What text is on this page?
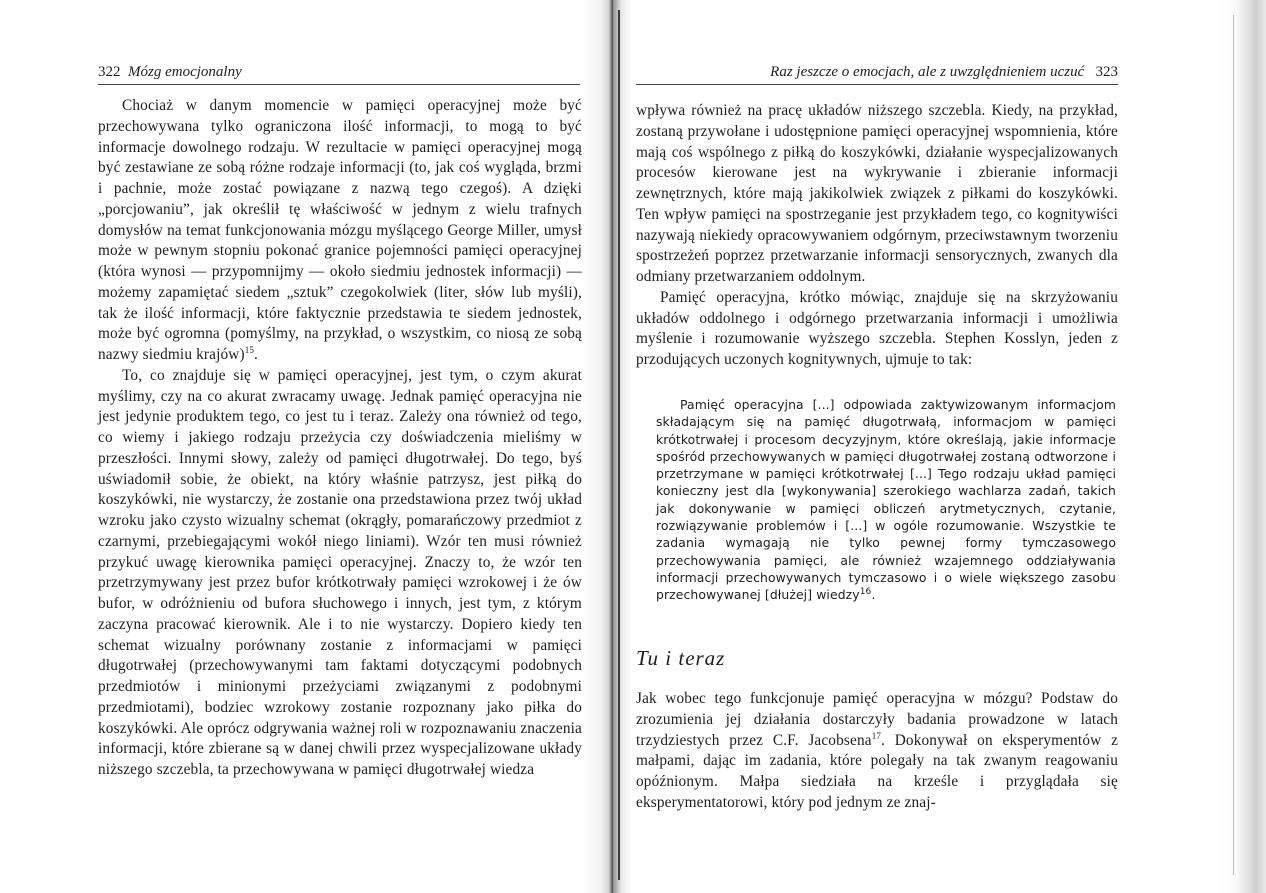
322 Mózg emocjonalny

Chociaż w danym momencie w pamięci operacyjnej może być przechowywana tylko ograniczona ilość informacji, to mogą to być informacje dowolnego rodzaju. W rezultacie w pamięci operacyjnej mogą być zestawiane ze sobą różne rodzaje informacji (to, jak coś wygląda, brzmi i pachnie, może zostać powiązane z nazwą tego czegoś). A dzięki „porcjowaniu”, jak określił tę właściwość w jednym z wielu trafnych domysłów na temat funkcjonowania mózgu myślącego George Miller, umysł może w pewnym stopniu pokonać granice pojemności pamięci operacyjnej (która wynosi — przypomnijmy — około siedmiu jednostek informacji) — możemy zapamiętać siedem „sztuk” czegokolwiek (liter, słów lub myśli), tak że ilość informacji, które faktycznie przedstawia te siedem jednostek, może być ogromna (pomyślmy, na przykład, o wszystkim, co niosą ze sobą nazwy siedmiu krajów)$^{15}$.

To, co znajduje się w pamięci operacyjnej, jest tym, o czym akurat myślimy, czy na co akurat zwracamy uwagę. Jednak pamięć operacyjna nie jest jedynie produktem tego, co jest tu i teraz. Zależy ona również od tego, co wiemy i jakiego rodzaju przeżycia czy doświadczenia mieliśmy w przeszłości. Innymi słowy, zależy od pamięci długotrwałej. Do tego, byś uświadomił sobie, że obiekt, na który właśnie patrzysz, jest piłką do koszykówki, nie wystarczy, że zostanie ona przedstawiona przez twój układ wzroku jako czysto wizualny schemat (okrągły, pomarańczowy przedmiot z czarnymi, przebiegającymi wokół niego liniami). Wzór ten musi również przykuć uwagę kierownika pamięci operacyjnej. Znaczy to, że wzór ten przetrzymywany jest przez bufor krótkotrwały pamięci wzrokowej i że ów bufor, w odróżnieniu od bufora słuchowego i innych, jest tym, z którym zaczyna pracować kierownik. Ale i to nie wystarczy. Dopiero kiedy ten schemat wizualny porównany zostanie z informacjami w pamięci długotrwałej (przechowywanymi tam faktami dotyczącymi podobnych przedmiotów i minionymi przeżyciami związanymi z podobnymi przedmiotami), bodziec wzrokowy zostanie rozpoznany jako piłka do koszykówki. Ale oprócz odgrywania ważnej roli w rozpoznawaniu znaczenia informacji, które zbierane są w danej chwili przez wyspecjalizowane układy niższego szczebla, ta przechowywana w pamięci długotrwałej wiedza

Raz jeszcze o emocjach, ale z uwzględnieniem uczuć 323

wpływa również na pracę układów niższego szczebla. Kiedy, na przykład, zostaną przywołane i udostępnione pamięci operacyjnej wspomnienia, które mają coś wspólnego z piłką do koszykówki, działanie wyspecjalizowanych procesów kierowane jest na wykrywanie i zbieranie informacji zewnętrznych, które mają jakikolwiek związek z piłkami do koszykówki. Ten wpływ pamięci na spostrzeganie jest przykładem tego, co kognitywiści nazywają niekiedy opracowywaniem odgórnym, przeciwstawnym tworzeniu spostrzeżeń poprzez przetwarzanie informacji sensorycznych, zwanych dla odmiany przetwarzaniem oddolnym.

Pamięć operacyjna, krótko mówiąc, znajduje się na skrzyżowaniu układów oddolnego i odgórnego przetwarzania informacji i umożliwia myślenie i rozumowanie wyższego szczebla. Stephen Kosslyn, jeden z przodujących uczonych kognitywnych, ujmuje to tak:

Pamięć operacyjna [...] odpowiada zaktywizowanym informacjom składającym się na pamięć długotrwałą, informacjom w pamięci krótkotrwałej i procesom decyzyjnym, które określają, jakie informacje spośród przechowywanych w pamięci długotrwałej zostaną odtworzone i przetrzymane w pamięci krótkotrwałej [...] Tego rodzaju układ pamięci konieczny jest dla [wykonywania] szerokiego wachlarza zadań, takich jak dokonywanie w pamięci obliczeń arytmetycznych, czytanie, rozwiązywanie problemów i [...] w ogóle rozumowanie. Wszystkie te zadania wymagają nie tylko pewnej formy tymczasowego przechowywania pamięci, ale również wzajemnego oddziaływania informacji przechowywanych tymczasowo i o wiele większego zasobu przechowywanej [dłużej] wiedzy$^{16}$.

Tu i teraz

Jak wobec tego funkcjonuje pamięć operacyjna w mózgu? Podstaw do zrozumienia jej działania dostarczyły badania prowadzone w latach trzydziestych przez C.F. Jacobsena$^{17}$. Dokonywał on eksperymentów z małpami, dając im zadania, które polegały na tak zwanym reagowaniu opóźnionym. Małpa siedziała na krześle i przyglądała się eksperymentatorowi, który pod jednym ze znaj-
